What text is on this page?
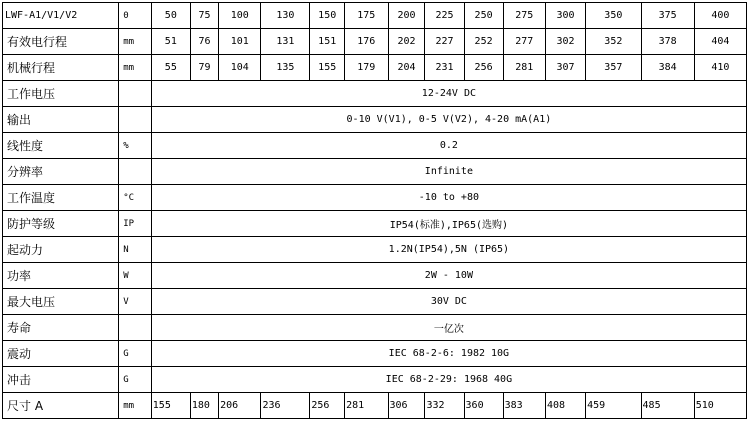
LWF-A1/V1/V2	0	50	75	100	130	150	175	200	225	250	275	300	350	375	400
有效电行程	mm	51	76	101	131	151	176	202	227	252	277	302	352	378	404
机械行程	mm	55	79	104	135	155	179	204	231	256	281	307	357	384	410
工作电压		12-24V DC													
输出		0-10 V(V1), 0-5 V(V2), 4-20 mA(A1)													
线性度	%	0.2													
分辨率		Infinite													
工作温度	°C	-10 to +80													
防护等级	IP	IP54(标准),IP65(选购)													
起动力	N	1.2N(IP54),5N (IP65)													
功率	W	2W - 10W													
最大电压	V	30V DC													
寿命		一亿次													
震动	G	IEC 68-2-6: 1982 10G													
冲击	G	IEC 68-2-29: 1968 40G													
尺寸 A	mm	155	180	206	236	256	281	306	332	360	383	408	459	485	510
